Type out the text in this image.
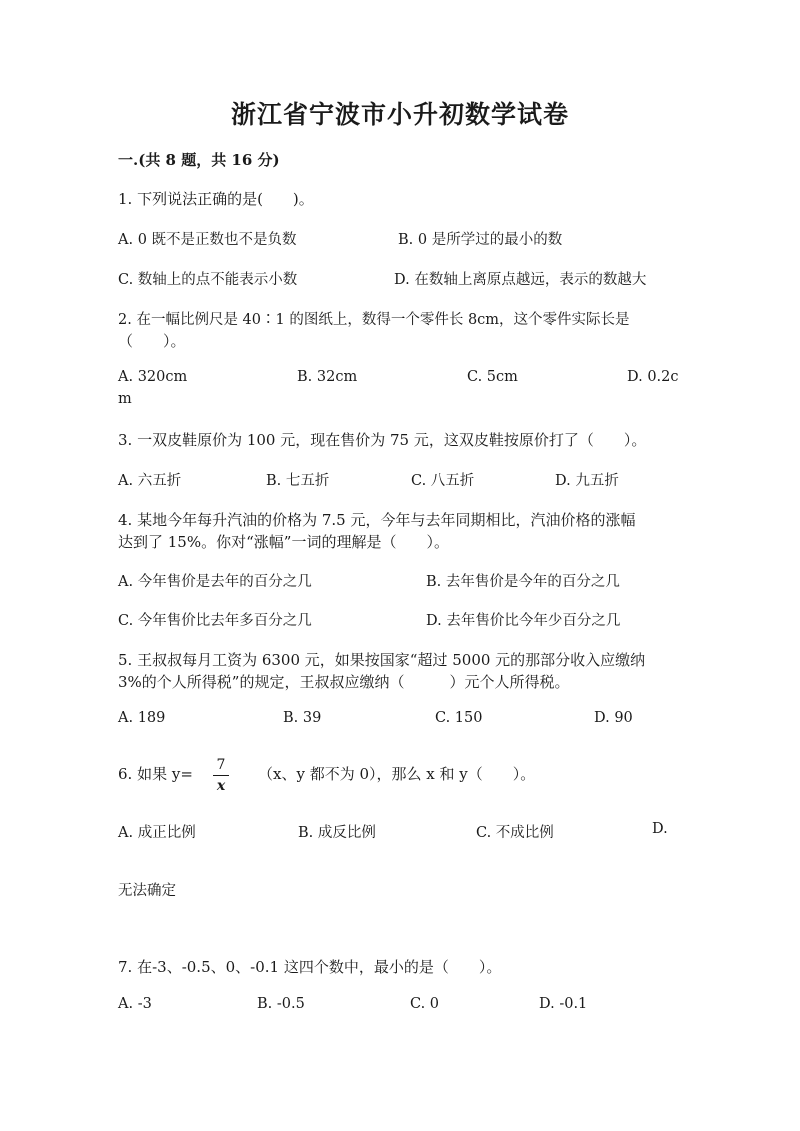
浙江省宁波市小升初数学试卷
一.(共 8 题，共 16 分)
1. 下列说法正确的是(　　)。
A. 0 既不是正数也不是负数	B. 0 是所学过的最小的数
C. 数轴上的点不能表示小数	D. 在数轴上离原点越远，表示的数越大
2. 在一幅比例尺是 40∶1 的图纸上，数得一个零件长 8cm，这个零件实际长是
（　　）。
A. 320cm	B. 32cm	C. 5cm	D. 0.2c
m
3. 一双皮鞋原价为 100 元，现在售价为 75 元，这双皮鞋按原价打了（　　）。
A. 六五折	B. 七五折	C. 八五折	D. 九五折
4. 某地今年每升汽油的价格为 7.5 元，今年与去年同期相比，汽油价格的涨幅
达到了 15%。你对“涨幅”一词的理解是（　　）。
A. 今年售价是去年的百分之几	B. 去年售价是今年的百分之几
C. 今年售价比去年多百分之几	D. 去年售价比今年少百分之几
5. 王叔叔每月工资为 6300 元，如果按国家“超过 5000 元的那部分收入应缴纳
3%的个人所得税”的规定，王叔叔应缴纳（　　　）元个人所得税。
A. 189	B. 39	C. 150	D. 90
6. 如果 y=	7
x
（x、y 都不为 0），那么 x 和 y（　　）。
A. 成正比例	B. 成反比例	C. 不成比例	D.
无法确定
7. 在-3、-0.5、0、-0.1 这四个数中，最小的是（　　）。
A. -3	B. -0.5	C. 0	D. -0.1
